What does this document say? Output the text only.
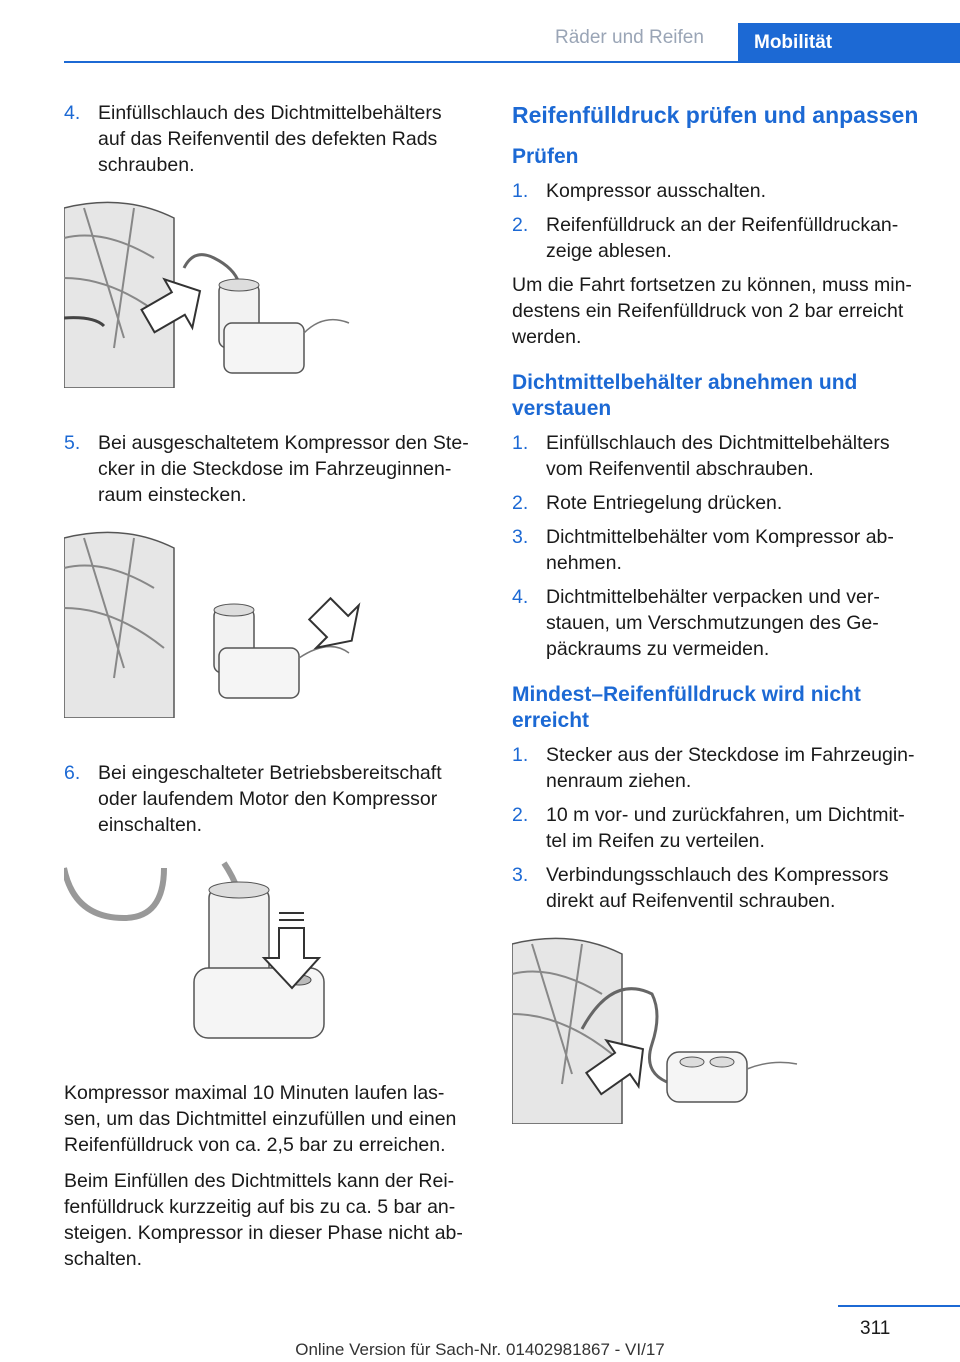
Räder und Reifen	Mobilität
4. Einfüllschlauch des Dichtmittelbehälters auf das Reifenventil des defekten Rads schrauben.
5. Bei ausgeschaltetem Kompressor den Ste- cker in die Steckdose im Fahrzeuginnen- raum einstecken.
6. Bei eingeschalteter Betriebsbereitschaft oder laufendem Motor den Kompressor einschalten.

Kompressor maximal 10 Minuten laufen las- sen, um das Dichtmittel einzufüllen und einen Reifenfülldruck von ca. 2,5 bar zu erreichen.

Beim Einfüllen des Dichtmittels kann der Rei- fenfülldruck kurzzeitig auf bis zu ca. 5 bar an- steigen. Kompressor in dieser Phase nicht ab- schalten.

Reifenfülldruck prüfen und anpassen
Prüfen
1. Kompressor ausschalten.
2. Reifenfülldruck an der Reifenfülldruckan- zeige ablesen.

Um die Fahrt fortsetzen zu können, muss min- destens ein Reifenfülldruck von 2 bar erreicht werden.

Dichtmittelbehälter abnehmen und verstauen
1. Einfüllschlauch des Dichtmittelbehälters vom Reifenventil abschrauben.
2. Rote Entriegelung drücken.
3. Dichtmittelbehälter vom Kompressor ab- nehmen.
4. Dichtmittelbehälter verpacken und ver- stauen, um Verschmutzungen des Ge- päckraums zu vermeiden.
Mindest–Reifenfülldruck wird nicht erreicht
1. Stecker aus der Steckdose im Fahrzeugin- nenraum ziehen.
2. 10 m vor- und zurückfahren, um Dichtmit- tel im Reifen zu verteilen.
3. Verbindungsschlauch des Kompressors direkt auf Reifenventil schrauben.
311
Online Version für Sach-Nr. 01402981867 - VI/17
